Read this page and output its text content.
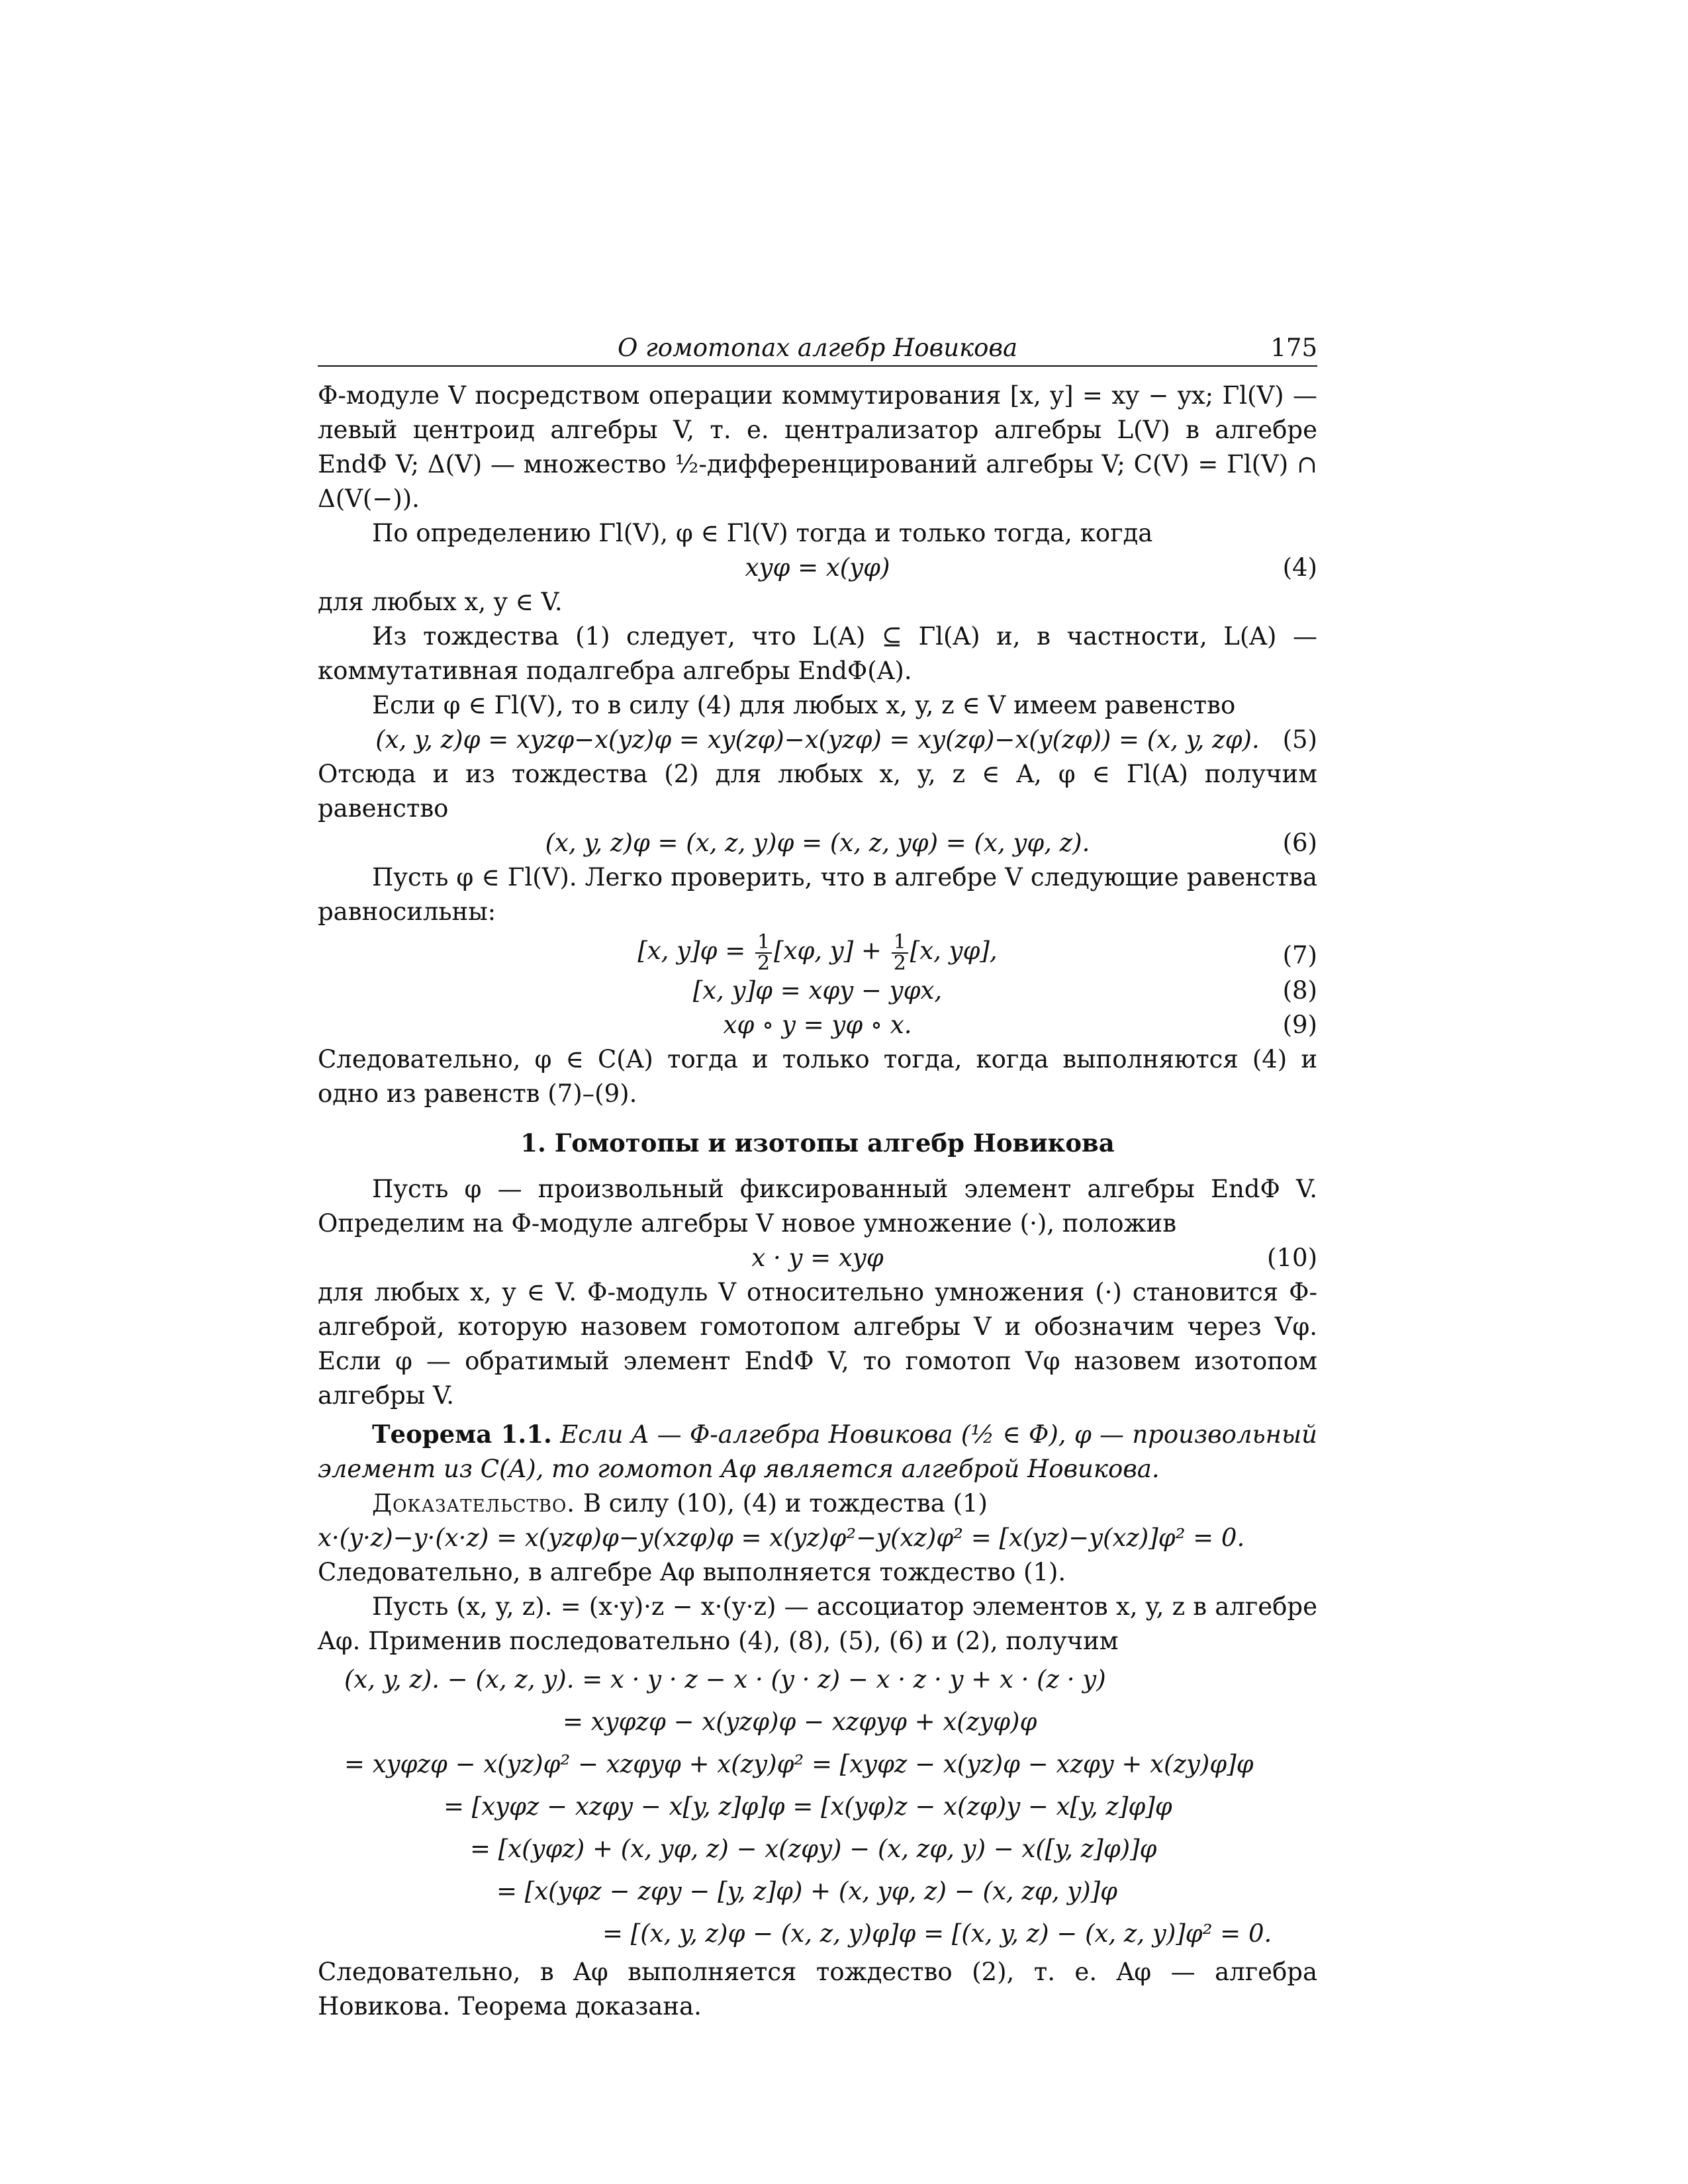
О гомотопах алгебр Новикова	175

Φ-модуле V посредством операции коммутирования [x, y] = xy − yx; Γl(V) — левый центроид алгебры V, т. е. централизатор алгебры L(V) в алгебре EndΦ V; Δ(V) — множество ½-дифференцирований алгебры V; C(V) = Γl(V) ∩ Δ(V(−)).

По определению Γl(V), φ ∈ Γl(V) тогда и только тогда, когда

xyφ = x(yφ)	(4)

для любых x, y ∈ V.

Из тождества (1) следует, что L(A) ⊆ Γl(A) и, в частности, L(A) — коммутативная подалгебра алгебры EndΦ(A).

Если φ ∈ Γl(V), то в силу (4) для любых x, y, z ∈ V имеем равенство

(x, y, z)φ = xyzφ−x(yz)φ = xy(zφ)−x(yzφ) = xy(zφ)−x(y(zφ)) = (x, y, zφ). (5)

Отсюда и из тождества (2) для любых x, y, z ∈ A, φ ∈ Γl(A) получим равенство

(x, y, z)φ = (x, z, y)φ = (x, z, yφ) = (x, yφ, z).	(6)

Пусть φ ∈ Γl(V). Легко проверить, что в алгебре V следующие равенства равносильны:

[x, $y]\varphi = \frac{1}{2} [x\varphi$, $y] + \frac{1}{2} [x$, yφ],	(7)
[x, y]φ = xφy − yφx,	(8)
xφ ∘ y = yφ ∘ x.	(9)

Следовательно, φ ∈ C(A) тогда и только тогда, когда выполняются (4) и одно из равенств (7)–(9).

1. Гомотопы и изотопы алгебр Новикова

Пусть φ — произвольный фиксированный элемент алгебры EndΦ V. Определим на Φ-модуле алгебры V новое умножение (·), положив

x · y = xyφ	(10)

для любых x, y ∈ V. Φ-модуль V относительно умножения (·) становится Φ-алгеброй, которую назовем гомотопом алгебры V и обозначим через Vφ. Если φ — обратимый элемент EndΦ V, то гомотоп Vφ назовем изотопом алгебры V.

Теорема 1.1. Если A — Φ-алгебра Новикова (½ ∈ Φ), φ — произвольный элемент из C(A), то гомотоп Aφ является алгеброй Новикова.

Доказательство. В силу (10), (4) и тождества (1)

x·(y·z)−y·(x·z) = x(yzφ)φ−y(xzφ)φ = x(yz)φ²−y(xz)φ² = [x(yz)−y(xz)]φ² = 0.

Следовательно, в алгебре Aφ выполняется тождество (1).

Пусть (x, y, z). = (x·y)·z − x·(y·z) — ассоциатор элементов x, y, z в алгебре Aφ. Применив последовательно (4), (8), (5), (6) и (2), получим

(x, y, z). − (x, z, y). = x · y · z − x · (y · z) − x · z · y + x · (z · y)
= xyφzφ − x(yzφ)φ − xzφyφ + x(zyφ)φ
= xyφzφ − x(yz)φ² − xzφyφ + x(zy)φ² = [xyφz − x(yz)φ − xzφy + x(zy)φ]φ
= [xyφz − xzφy − x[y, z]φ]φ = [x(yφ)z − x(zφ)y − x[y, z]φ]φ
= [x(yφz) + (x, yφ, z) − x(zφy) − (x, zφ, y) − x([y, z]φ)]φ
= [x(yφz − zφy − [y, z]φ) + (x, yφ, z) − (x, zφ, y)]φ
= [(x, y, z)φ − (x, z, y)φ]φ = [(x, y, z) − (x, z, y)]φ² = 0.

Следовательно, в Aφ выполняется тождество (2), т. е. Aφ — алгебра Новикова. Теорема доказана.
